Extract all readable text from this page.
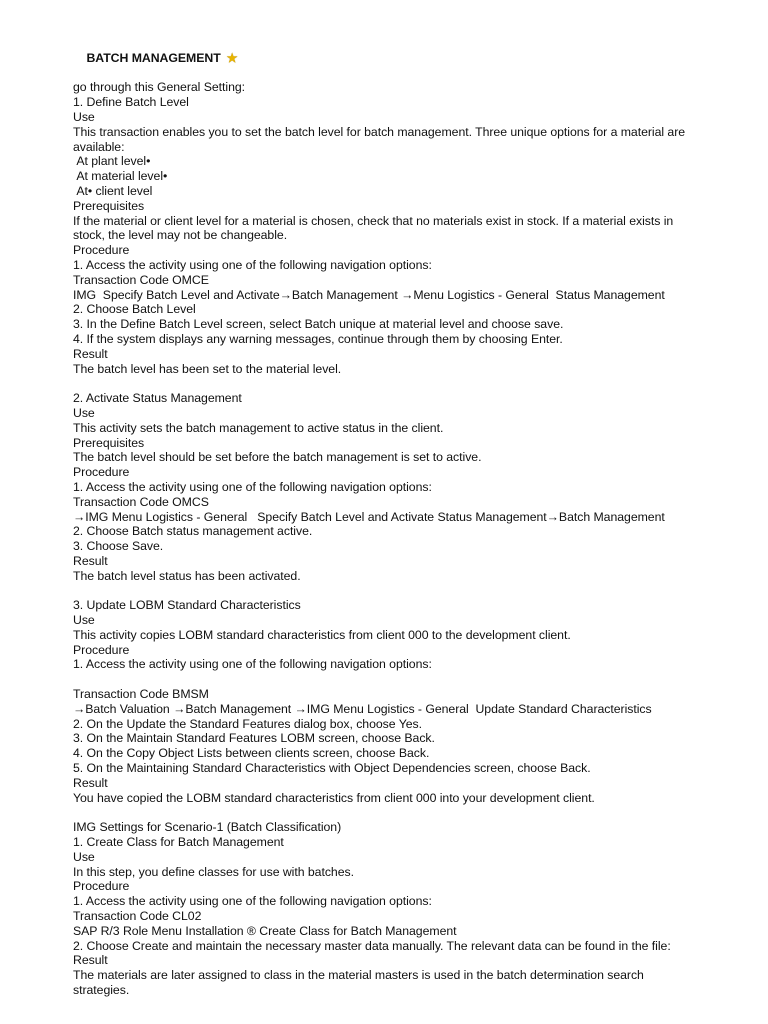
BATCH MANAGEMENT ★

go through this General Setting:
1. Define Batch Level
Use
This transaction enables you to set the batch level for batch management. Three unique options for a material are
available:
At plant level•
At material level•
At• client level
Prerequisites
If the material or client level for a material is chosen, check that no materials exist in stock. If a material exists in
stock, the level may not be changeable.
Procedure
1. Access the activity using one of the following navigation options:
Transaction Code OMCE
IMG  Specify Batch Level and Activate→Batch Management →Menu Logistics - General  Status Management
2. Choose Batch Level
3. In the Define Batch Level screen, select Batch unique at material level and choose save.
4. If the system displays any warning messages, continue through them by choosing Enter.
Result
The batch level has been set to the material level.
2. Activate Status Management
Use
This activity sets the batch management to active status in the client.
Prerequisites
The batch level should be set before the batch management is set to active.
Procedure
1. Access the activity using one of the following navigation options:
Transaction Code OMCS
→IMG Menu Logistics - General   Specify Batch Level and Activate Status Management→Batch Management
2. Choose Batch status management active.
3. Choose Save.
Result
The batch level status has been activated.
3. Update LOBM Standard Characteristics
Use
This activity copies LOBM standard characteristics from client 000 to the development client.
Procedure
1. Access the activity using one of the following navigation options:
Transaction Code BMSM
→Batch Valuation →Batch Management →IMG Menu Logistics - General  Update Standard Characteristics
2. On the Update the Standard Features dialog box, choose Yes.
3. On the Maintain Standard Features LOBM screen, choose Back.
4. On the Copy Object Lists between clients screen, choose Back.
5. On the Maintaining Standard Characteristics with Object Dependencies screen, choose Back.
Result
You have copied the LOBM standard characteristics from client 000 into your development client.
IMG Settings for Scenario-1 (Batch Classification)
1. Create Class for Batch Management
Use
In this step, you define classes for use with batches.
Procedure
1. Access the activity using one of the following navigation options:
Transaction Code CL02
SAP R/3 Role Menu Installation ® Create Class for Batch Management
2. Choose Create and maintain the necessary master data manually. The relevant data can be found in the file:
Result
The materials are later assigned to class in the material masters is used in the batch determination search
strategies.
